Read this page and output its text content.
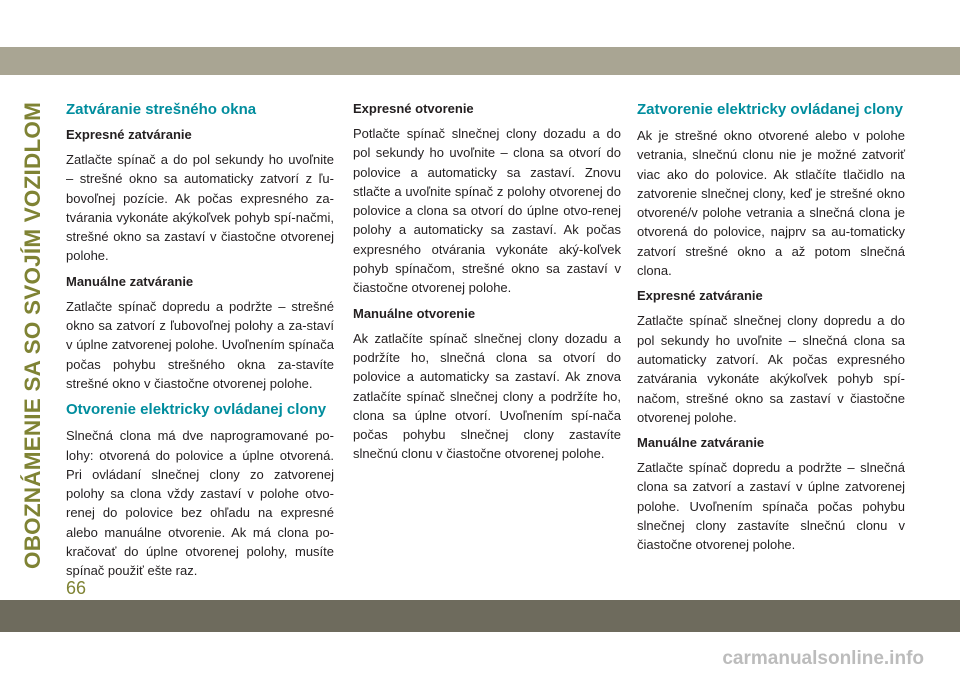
OBOZNÁMENIE SA SO SVOJÍM VOZIDLOM Zatváranie strešného okna
Expresné zatváranie

Zatlačte spínač a do pol sekundy ho uvoľnite – strešné okno sa automaticky zatvorí z ľu-bovoľnej pozície. Ak počas expresného za-tvárania vykonáte akýkoľvek pohyb spí-načmi, strešné okno sa zastaví v čiastočne otvorenej polohe.

Manuálne zatváranie

Zatlačte spínač dopredu a podržte – strešné okno sa zatvorí z ľubovoľnej polohy a za-staví v úplne zatvorenej polohe. Uvoľnením spínača počas pohybu strešného okna za-stavíte strešné okno v čiastočne otvorenej polohe.

Otvorenie elektricky ovládanej clony

Slnečná clona má dve naprogramované po-lohy: otvorená do polovice a úplne otvorená. Pri ovládaní slnečnej clony zo zatvorenej polohy sa clona vždy zastaví v polohe otvo-renej do polovice bez ohľadu na expresné alebo manuálne otvorenie. Ak má clona po-kračovať do úplne otvorenej polohy, musíte spínač použiť ešte raz.

Expresné otvorenie

Potlačte spínač slnečnej clony dozadu a do pol sekundy ho uvoľnite – clona sa otvorí do polovice a automaticky sa zastaví. Znovu stlačte a uvoľnite spínač z polohy otvorenej do polovice a clona sa otvorí do úplne otvo-renej polohy a automaticky sa zastaví. Ak počas expresného otvárania vykonáte aký-koľvek pohyb spínačom, strešné okno sa zastaví v čiastočne otvorenej polohe.

Manuálne otvorenie

Ak zatlačíte spínač slnečnej clony dozadu a podržíte ho, slnečná clona sa otvorí do polovice a automaticky sa zastaví. Ak znova zatlačíte spínač slnečnej clony a podržíte ho, clona sa úplne otvorí. Uvoľnením spí-nača počas pohybu slnečnej clony zastavíte slnečnú clonu v čiastočne otvorenej polohe.

Zatvorenie elektricky ovládanej clony

Ak je strešné okno otvorené alebo v polohe vetrania, slnečnú clonu nie je možné zatvoriť viac ako do polovice. Ak stlačíte tlačidlo na zatvorenie slnečnej clony, keď je strešné okno otvorené/v polohe vetrania a slnečná clona je otvorená do polovice, najprv sa au-tomaticky zatvorí strešné okno a až potom slnečná clona.

Expresné zatváranie

Zatlačte spínač slnečnej clony dopredu a do pol sekundy ho uvoľnite – slnečná clona sa automaticky zatvorí. Ak počas expresného zatvárania vykonáte akýkoľvek pohyb spí-načom, strešné okno sa zastaví v čiastočne otvorenej polohe.

Manuálne zatváranie

Zatlačte spínač dopredu a podržte – slnečná clona sa zatvorí a zastaví v úplne zatvorenej polohe. Uvoľnením spínača počas pohybu slnečnej clony zastavíte slnečnú clonu v čiastočne otvorenej polohe.

66
carmanualsonline.info
